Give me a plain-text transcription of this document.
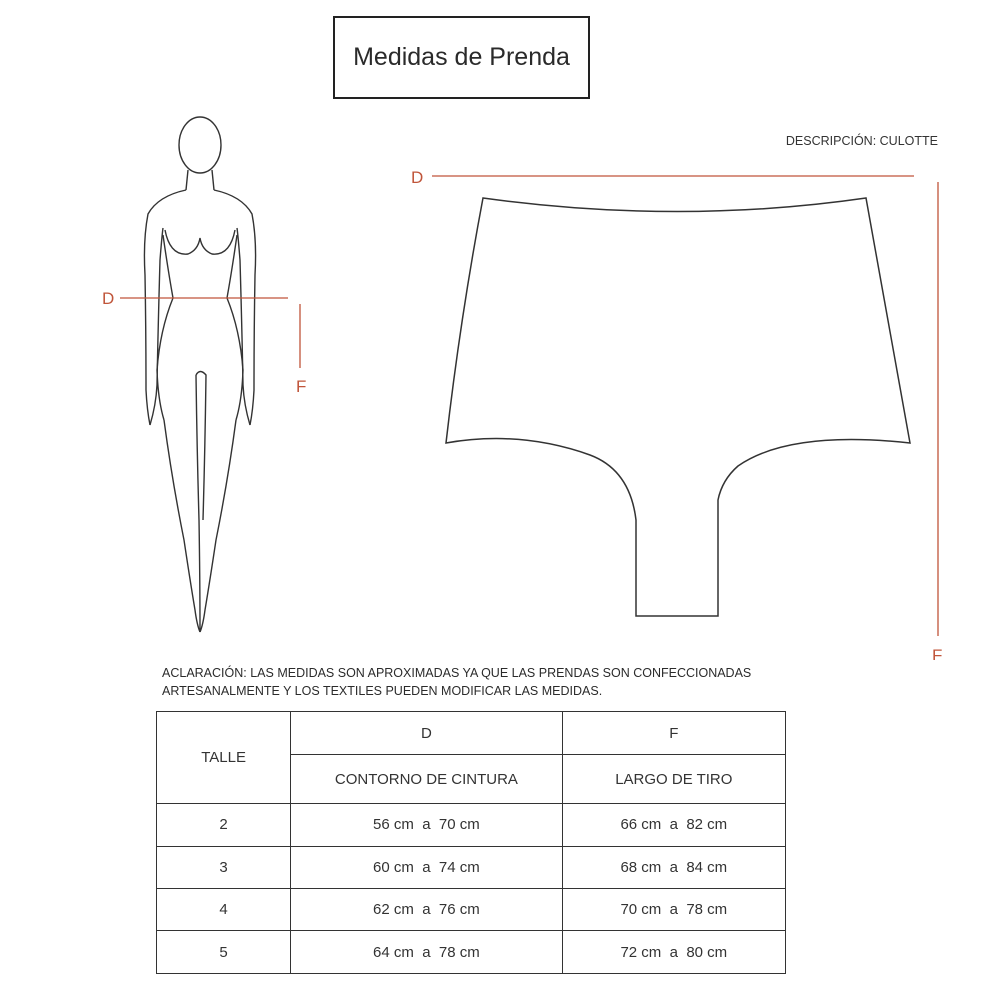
Medidas de Prenda
DESCRIPCIÓN: CULOTTE
D
F
D
F
ACLARACIÓN: LAS MEDIDAS SON APROXIMADAS YA QUE LAS PRENDAS SON CONFECCIONADAS ARTESANALMENTE Y LOS TEXTILES PUEDEN MODIFICAR LAS MEDIDAS.
TALLE	D	F
	CONTORNO DE CINTURA	LARGO DE TIRO
2	56 cm  a  70 cm	66 cm  a  82 cm
3	60 cm  a  74 cm	68 cm  a  84 cm
4	62 cm  a  76 cm	70 cm  a  78 cm
5	64 cm  a  78 cm	72 cm  a  80 cm
